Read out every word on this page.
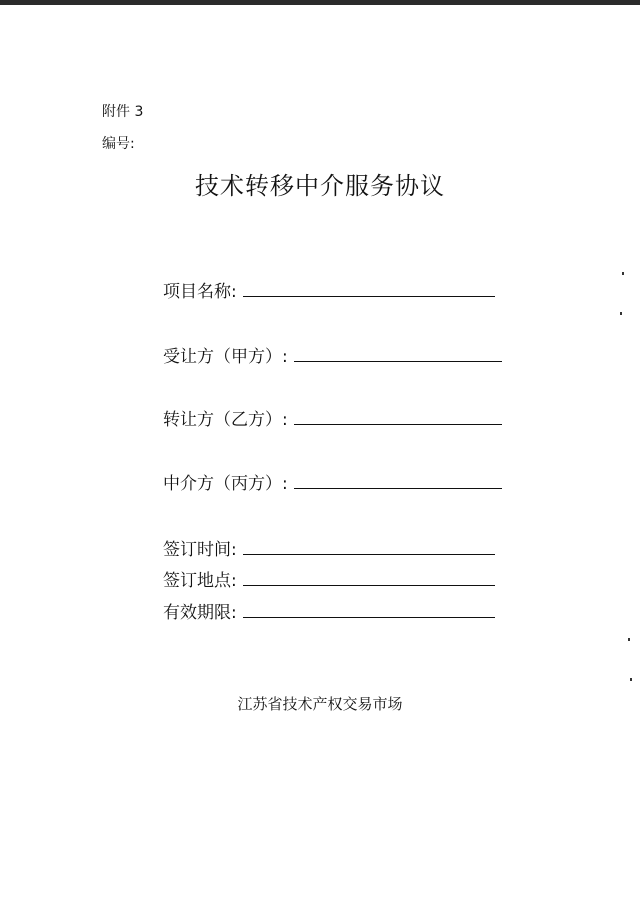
附件 3
编号:
技术转移中介服务协议
项目名称:
受让方（甲方）:
转让方（乙方）:
中介方（丙方）:
签订时间:
签订地点:
有效期限:
江苏省技术产权交易市场
